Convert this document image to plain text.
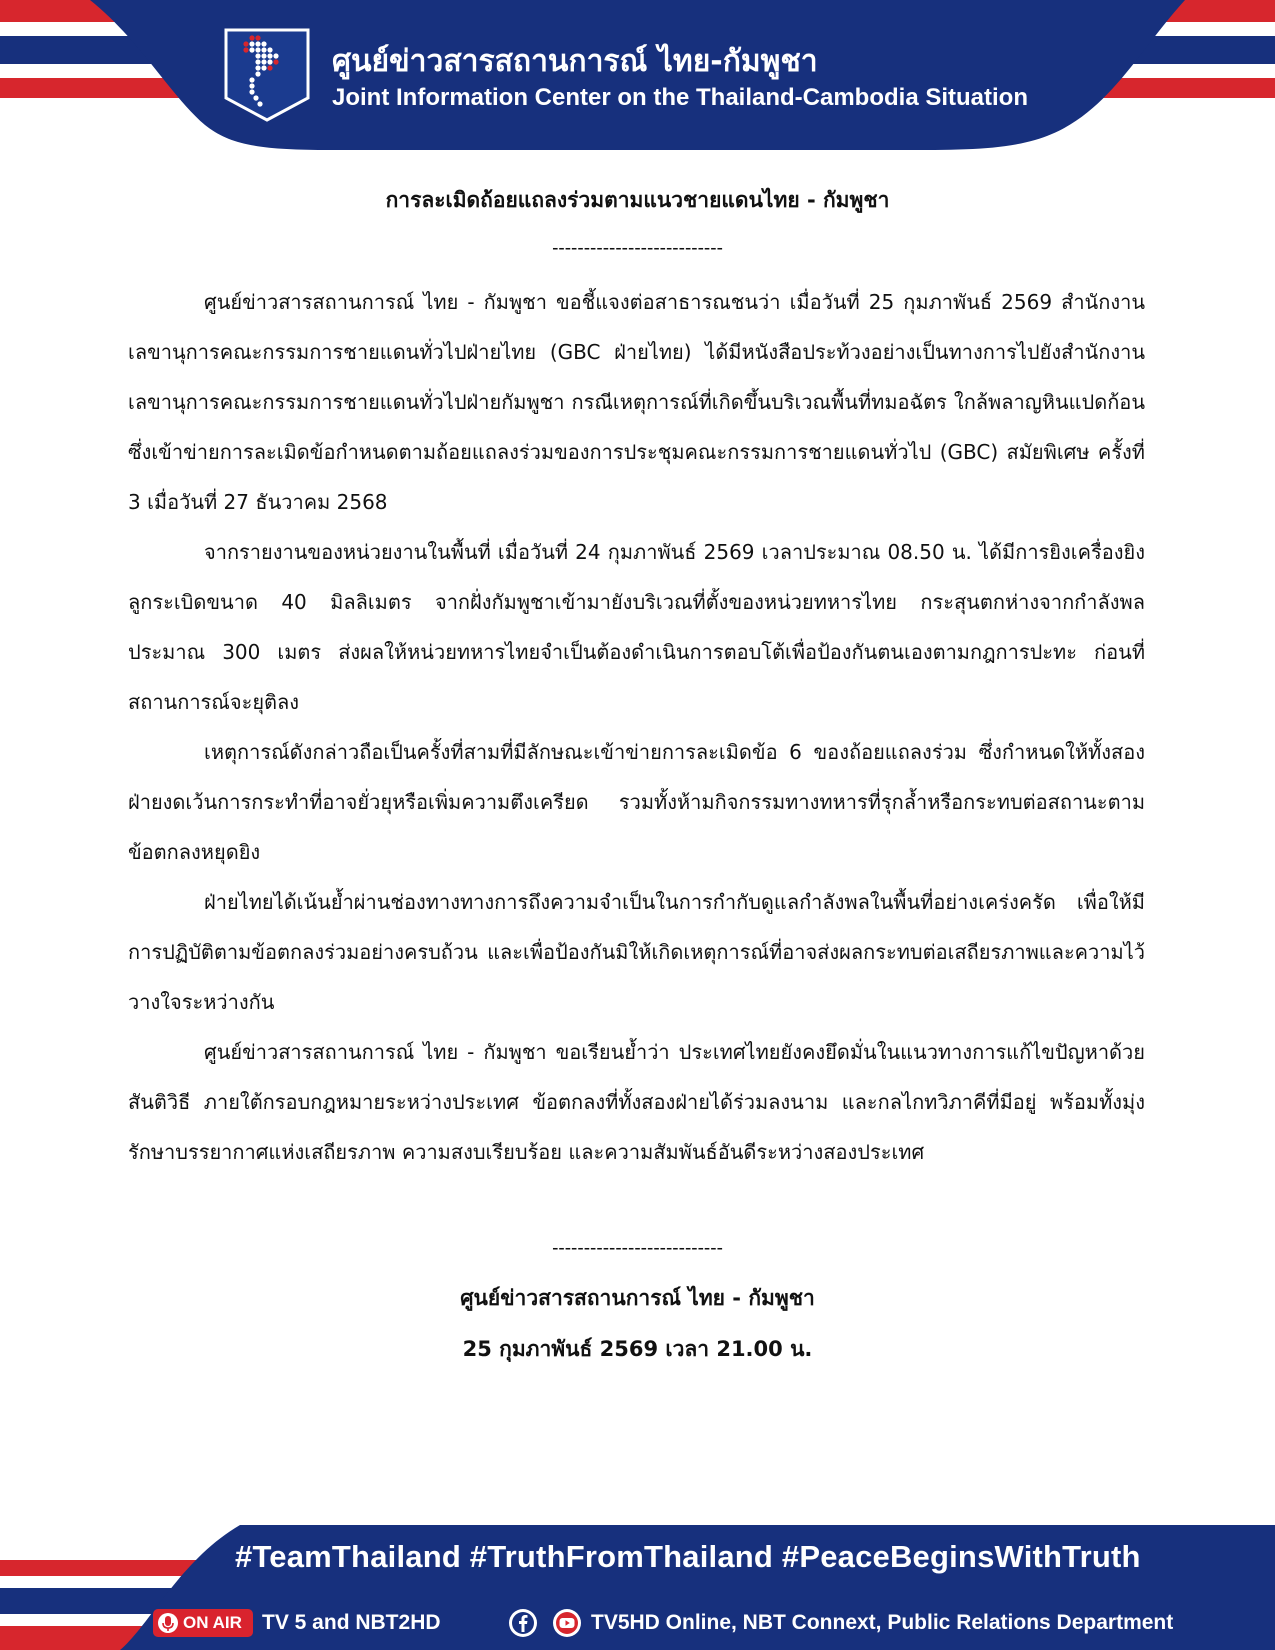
ศูนย์ข่าวสารสถานการณ์ ไทย-กัมพูชา
Joint Information Center on the Thailand-Cambodia Situation
การละเมิดถ้อยแถลงร่วมตามแนวชายแดนไทย - กัมพูชา
---------------------------

ศูนย์ข่าวสารสถานการณ์ ไทย - กัมพูชา ขอชี้แจงต่อสาธารณชนว่า เมื่อวันที่ 25 กุมภาพันธ์ 2569 สำนักงานเลขานุการคณะกรรมการชายแดนทั่วไปฝ่ายไทย (GBC ฝ่ายไทย) ได้มีหนังสือประท้วงอย่างเป็นทางการไปยังสำนักงานเลขานุการคณะกรรมการชายแดนทั่วไปฝ่ายกัมพูชา กรณีเหตุการณ์ที่เกิดขึ้นบริเวณพื้นที่ทมอฉัตร ใกล้พลาญหินแปดก้อน ซึ่งเข้าข่ายการละเมิดข้อกำหนดตามถ้อยแถลงร่วมของการประชุมคณะกรรมการชายแดนทั่วไป (GBC) สมัยพิเศษ ครั้งที่ 3 เมื่อวันที่ 27 ธันวาคม 2568

จากรายงานของหน่วยงานในพื้นที่ เมื่อวันที่ 24 กุมภาพันธ์ 2569 เวลาประมาณ 08.50 น. ได้มีการยิงเครื่องยิงลูกระเบิดขนาด 40 มิลลิเมตร จากฝั่งกัมพูชาเข้ามายังบริเวณที่ตั้งของหน่วยทหารไทย กระสุนตกห่างจากกำลังพลประมาณ 300 เมตร ส่งผลให้หน่วยทหารไทยจำเป็นต้องดำเนินการตอบโต้เพื่อป้องกันตนเองตามกฎการปะทะ ก่อนที่สถานการณ์จะยุติลง

เหตุการณ์ดังกล่าวถือเป็นครั้งที่สามที่มีลักษณะเข้าข่ายการละเมิดข้อ 6 ของถ้อยแถลงร่วม ซึ่งกำหนดให้ทั้งสองฝ่ายงดเว้นการกระทำที่อาจยั่วยุหรือเพิ่มความตึงเครียด รวมทั้งห้ามกิจกรรมทางทหารที่รุกล้ำหรือกระทบต่อสถานะตามข้อตกลงหยุดยิง

ฝ่ายไทยได้เน้นย้ำผ่านช่องทางทางการถึงความจำเป็นในการกำกับดูแลกำลังพลในพื้นที่อย่างเคร่งครัด เพื่อให้มีการปฏิบัติตามข้อตกลงร่วมอย่างครบถ้วน และเพื่อป้องกันมิให้เกิดเหตุการณ์ที่อาจส่งผลกระทบต่อเสถียรภาพและความไว้วางใจระหว่างกัน

ศูนย์ข่าวสารสถานการณ์ ไทย - กัมพูชา ขอเรียนย้ำว่า ประเทศไทยยังคงยึดมั่นในแนวทางการแก้ไขปัญหาด้วยสันติวิธี ภายใต้กรอบกฎหมายระหว่างประเทศ ข้อตกลงที่ทั้งสองฝ่ายได้ร่วมลงนาม และกลไกทวิภาคีที่มีอยู่ พร้อมทั้งมุ่งรักษาบรรยากาศแห่งเสถียรภาพ ความสงบเรียบร้อย และความสัมพันธ์อันดีระหว่างสองประเทศ

---------------------------
ศูนย์ข่าวสารสถานการณ์ ไทย - กัมพูชา
25 กุมภาพันธ์ 2569 เวลา 21.00 น.
#TeamThailand #TruthFromThailand #PeaceBeginsWithTruth
ON AIR TV 5 and NBT2HD	TV5HD Online, NBT Connext, Public Relations Department
